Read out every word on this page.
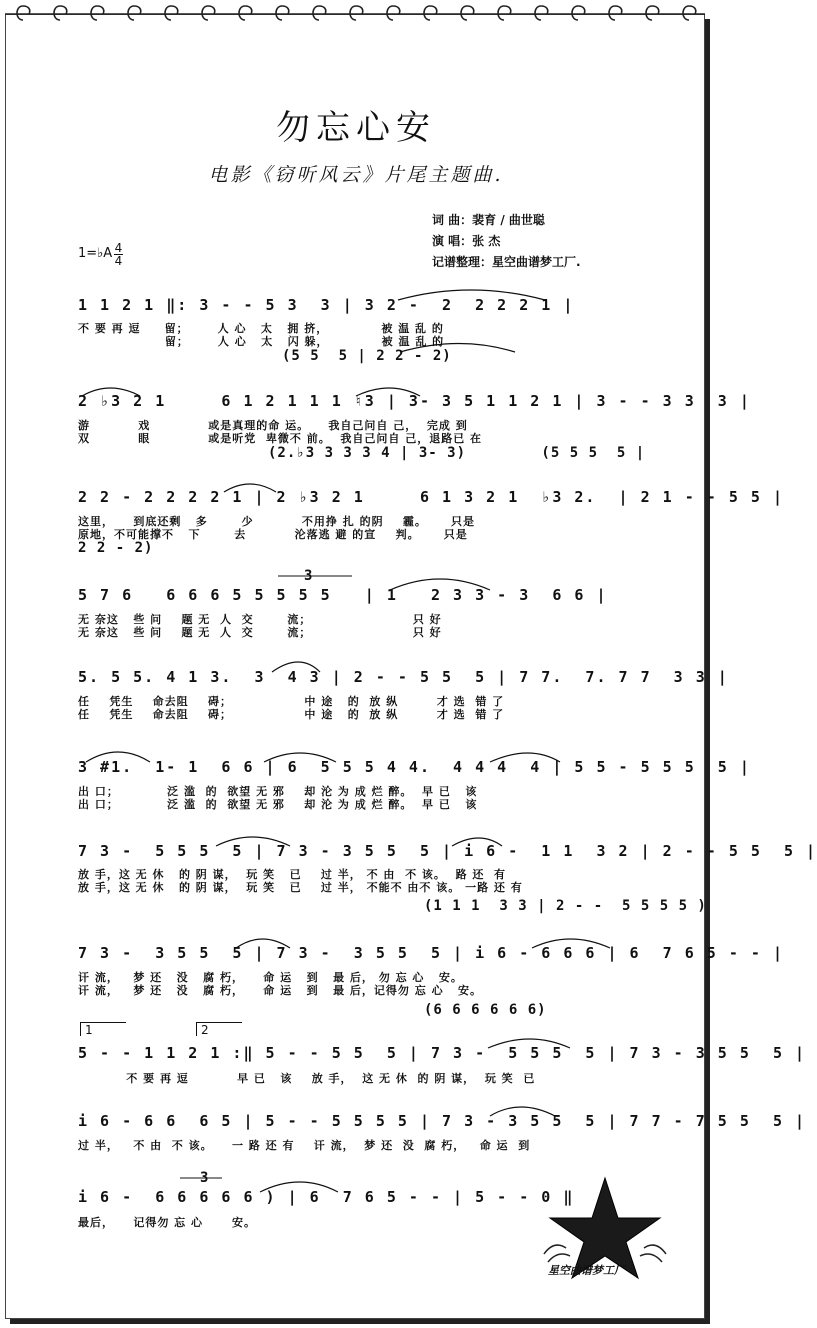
勿忘心安
电影《窃听风云》片尾主题曲.
词 曲：裴育 / 曲世聪
演 唱：张 杰
记谱整理：星空曲谱梦工厂.
1=♭A 4
4
1 1 2 1 ‖: 3 - - 5 3  3 | 3 2 -  2  2 2 2 1 |
不 要 再 逗     留；      人 心   太   拥 挤，           被 温 乱 的
留；      人 心   太   闪 躲，           被 温 乱 的
(5 5  5 | 2 2 - 2)
2 ♭3 2 1     6 1 2 1 1 1 ♮3 | 3- 3 5 1 1 2 1 | 3 - - 3 3  3 |
游          戏            或是真理的命 运。    我自己问自 己，  完成 到
双          眼            或是听党  卑微不 前。  我自己问自 己，退路已 在
(2.♭3 3 3 3 4 | 3- 3)        (5 5 5  5 |
2 2 - 2 2 2 2 1 | 2 ♭3 2 1     6 1 3 2 1  ♭3 2.  | 2 1 - - 5 5 |
这里，    到底还剩   多       少          不用挣 扎 的阴    霾。     只是
原地，不可能撑不   下       去          沦落逃 避 的宣    判。     只是
2 2 - 2)
3
5 7 6   6 6 6 5 5 5 5 5   | 1   2 3 3 - 3  6 6 |
无 奈这   些 问    题 无  人  交       流；                     只 好
无 奈这   些 问    题 无  人  交       流；                     只 好
5. 5 5. 4 1 3.  3  4 3 | 2 - - 5 5  5 | 7 7.  7. 7 7  3 3 |
任    凭生    命去阻    碍；               中 途   的  放 纵        才 选  错 了
任    凭生    命去阻    碍；               中 途   的  放 纵        才 选  错 了
3 #1.  1- 1  6 6 | 6  5 5 5 4 4.  4 4 4  4 | 5 5 - 5 5 5  5 |
出 口；          泛 滥  的  欲望 无 邪    却 沦 为 成 烂 醉。  早 已   该
出 口；          泛 滥  的  欲望 无 邪    却 沦 为 成 烂 醉。  早 已   该
7 3 -  5 5 5  5 | 7 3 - 3 5 5  5 | i 6 -  1 1  3 2 | 2 - - 5 5  5 |
放 手，这 无 休   的 阴 谋，  玩 笑   已    过 半， 不 由  不 该。  路 还  有
放 手，这 无 休   的 阴 谋，  玩 笑   已    过 半， 不能不 由不 该。 一路 还 有
(1 1 1  3 3 | 2 - -  5 5 5 5 )
7 3 -  3 5 5  5 | 7 3 -  3 5 5  5 | i 6 - 6 6 6 | 6  7 6 5 - - |
讦 流，   梦 还   没   腐 朽，    命 运   到   最 后， 勿 忘 心   安。
讦 流，   梦 还   没   腐 朽，    命 运   到   最 后，记得勿 忘 心   安。
(6 6 6 6 6 6)
1	2
5 - - 1 1 2 1 :‖ 5 - - 5 5  5 | 7 3 -  5 5 5  5 | 7 3 - 3 5 5  5 |
不 要 再 逗          早 已   该    放 手，  这 无 休  的 阴 谋，  玩 笑  已
i 6 - 6 6  6 5 | 5 - - 5 5 5 5 | 7 3 - 3 5 5  5 | 7 7 - 7 5 5  5 |
过 半，   不 由  不 该。    一 路 还 有    讦 流，  梦 还  没  腐 朽，   命 运  到
3
i 6 -  6 6 6 6 6 ) | 6  7 6 5 - - | 5 - - 0 ‖
最后，    记得勿 忘 心      安。
星空曲谱梦工厂
